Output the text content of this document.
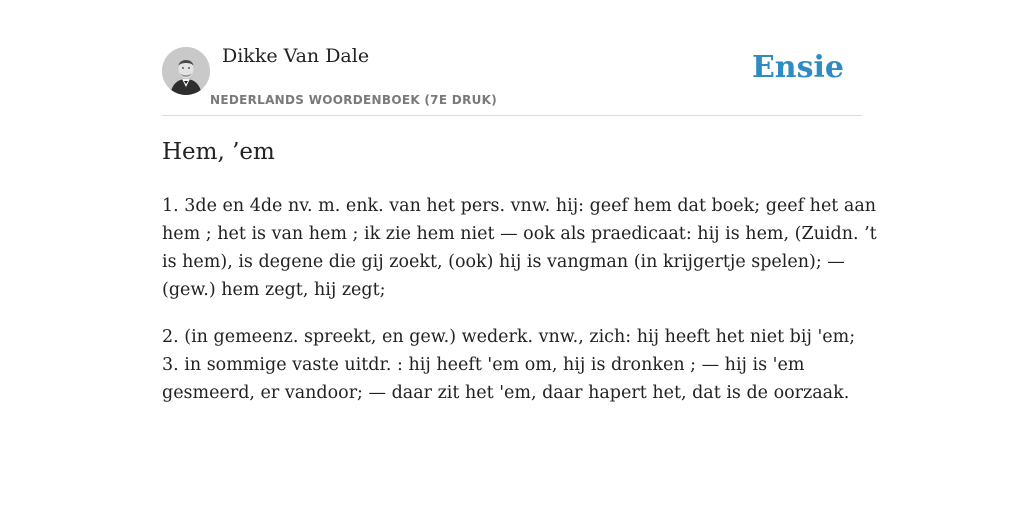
Dikke Van Dale
NEDERLANDS WOORDENBOEK (7E DRUK)
Ensie
Hem, ’em
1. 3de en 4de nv. m. enk. van het pers. vnw. hij: geef hem dat boek; geef het aan
hem ; het is van hem ; ik zie hem niet — ook als praedicaat: hij is hem, (Zuidn. ’t
is hem), is degene die gij zoekt, (ook) hij is vangman (in krijgertje spelen); —
(gew.) hem zegt, hij zegt;
2. (in gemeenz. spreekt, en gew.) wederk. vnw., zich: hij heeft het niet bij 'em;
3. in sommige vaste uitdr. : hij heeft 'em om, hij is dronken ; — hij is 'em
gesmeerd, er vandoor; — daar zit het 'em, daar hapert het, dat is de oorzaak.
